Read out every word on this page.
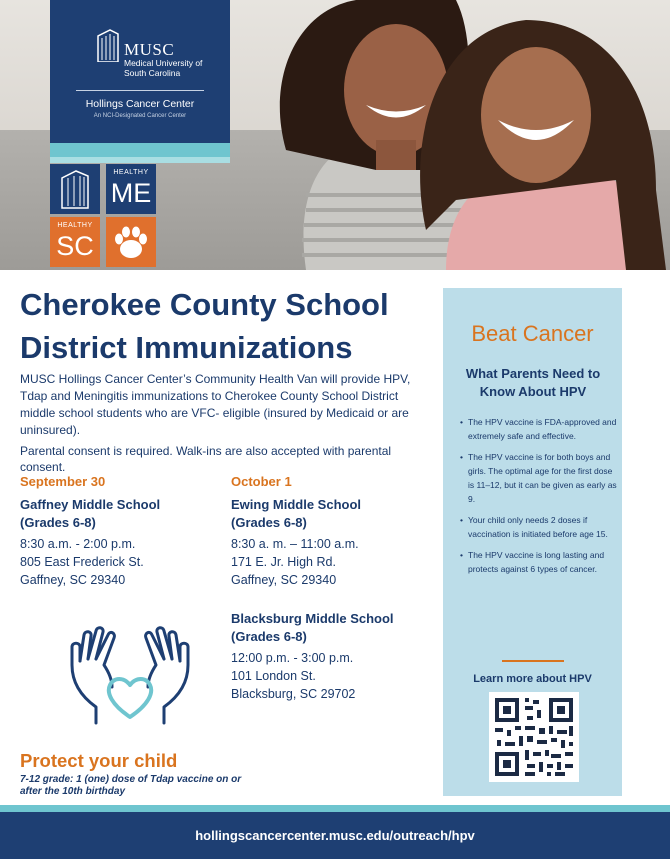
MUSC
Medical University of South Carolina
Hollings Cancer Center
An NCI-Designated Cancer Center
HEALTHY
ME
HEALTHY
SC
Cherokee County School District Immunizations
MUSC Hollings Cancer Center’s Community Health Van will provide HPV, Tdap and Meningitis immunizations to Cherokee County School District middle school students who are VFC- eligible (insured by Medicaid or are uninsured).
Parental consent is required. Walk-ins are also accepted with parental consent.
September 30
Gaffney Middle School
(Grades 6-8)
8:30 a.m. - 2:00 p.m.
805 East Frederick St.
Gaffney, SC 29340
October 1
Ewing Middle School
(Grades 6-8)
8:30 a. m. – 11:00 a.m.
171 E. Jr. High Rd.
Gaffney, SC 29340
Blacksburg Middle School
(Grades 6-8)
12:00 p.m. - 3:00 p.m.
101 London St.
Blacksburg, SC 29702
Protect your child
7-12 grade: 1 (one) dose of Tdap vaccine on or after the 10th birthday
Beat Cancer
What Parents Need to Know About HPV
• The HPV vaccine is FDA-approved and extremely safe and effective.
• The HPV vaccine is for both boys and girls. The optimal age for the first dose is 11–12, but it can be given as early as 9.
• Your child only needs 2 doses if vaccination is initiated before age 15.
• The HPV vaccine is long lasting and protects against 6 types of cancer.
Learn more about HPV
hollingscancercenter.musc.edu/outreach/hpv
